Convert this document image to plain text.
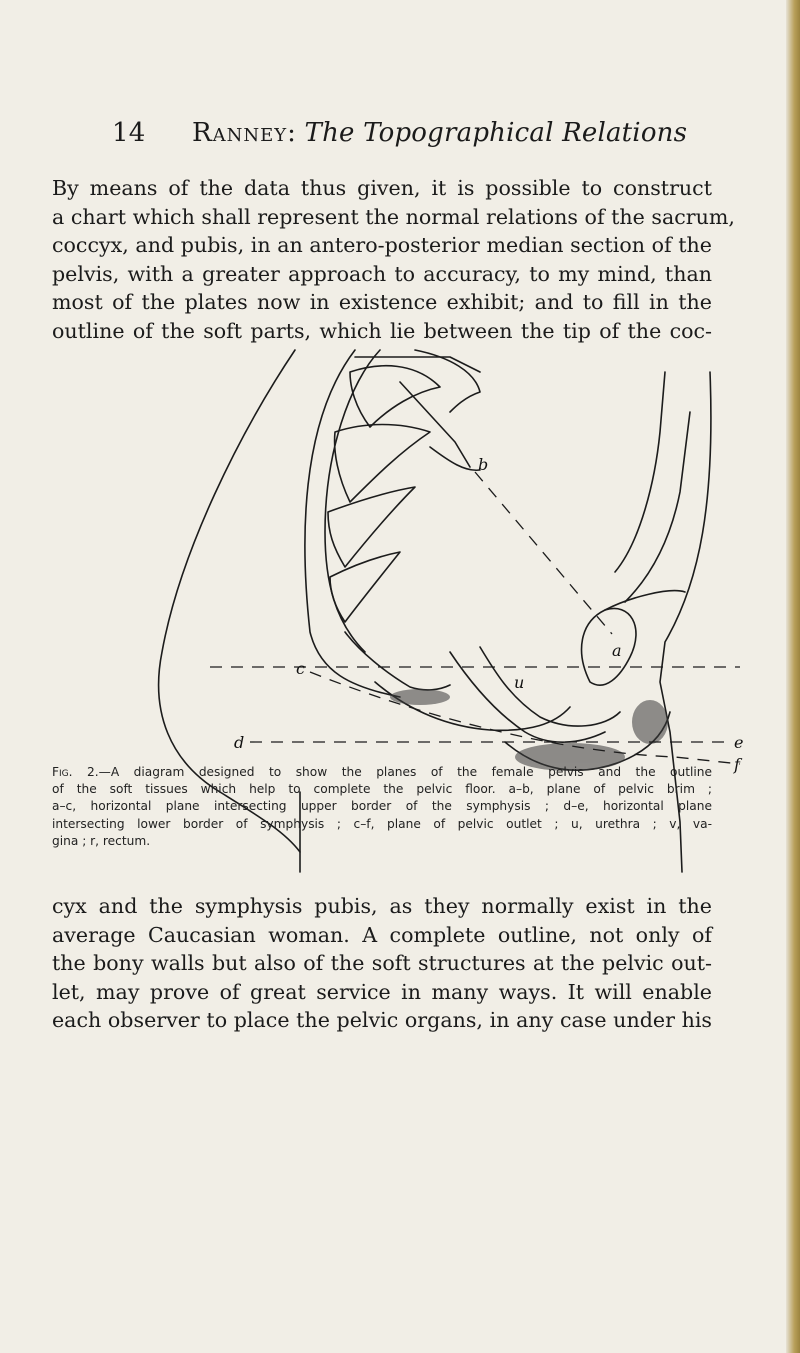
14 Ranney: The Topographical Relations
By means of the data thus given, it is possible to construct
a chart which shall represent the normal relations of the sacrum,
coccyx, and pubis, in an antero-posterior median section of the
pelvis, with a greater approach to accuracy, to my mind, than
most of the plates now in existence exhibit; and to fill in the
outline of the soft parts, which lie between the tip of the coc-
b
a
c
d	e
f
u
Fig. 2.—A diagram designed to show the planes of the female pelvis and the outline
of the soft tissues which help to complete the pelvic floor. a–b, plane of pelvic brim ;
a–c, horizontal plane intersecting upper border of the symphysis ; d–e, horizontal plane
intersecting lower border of symphysis ; c–f, plane of pelvic outlet ; u, urethra ; v, va-
gina ; r, rectum.
cyx and the symphysis pubis, as they normally exist in the
average Caucasian woman. A complete outline, not only of
the bony walls but also of the soft structures at the pelvic out-
let, may prove of great service in many ways. It will enable
each observer to place the pelvic organs, in any case under his
